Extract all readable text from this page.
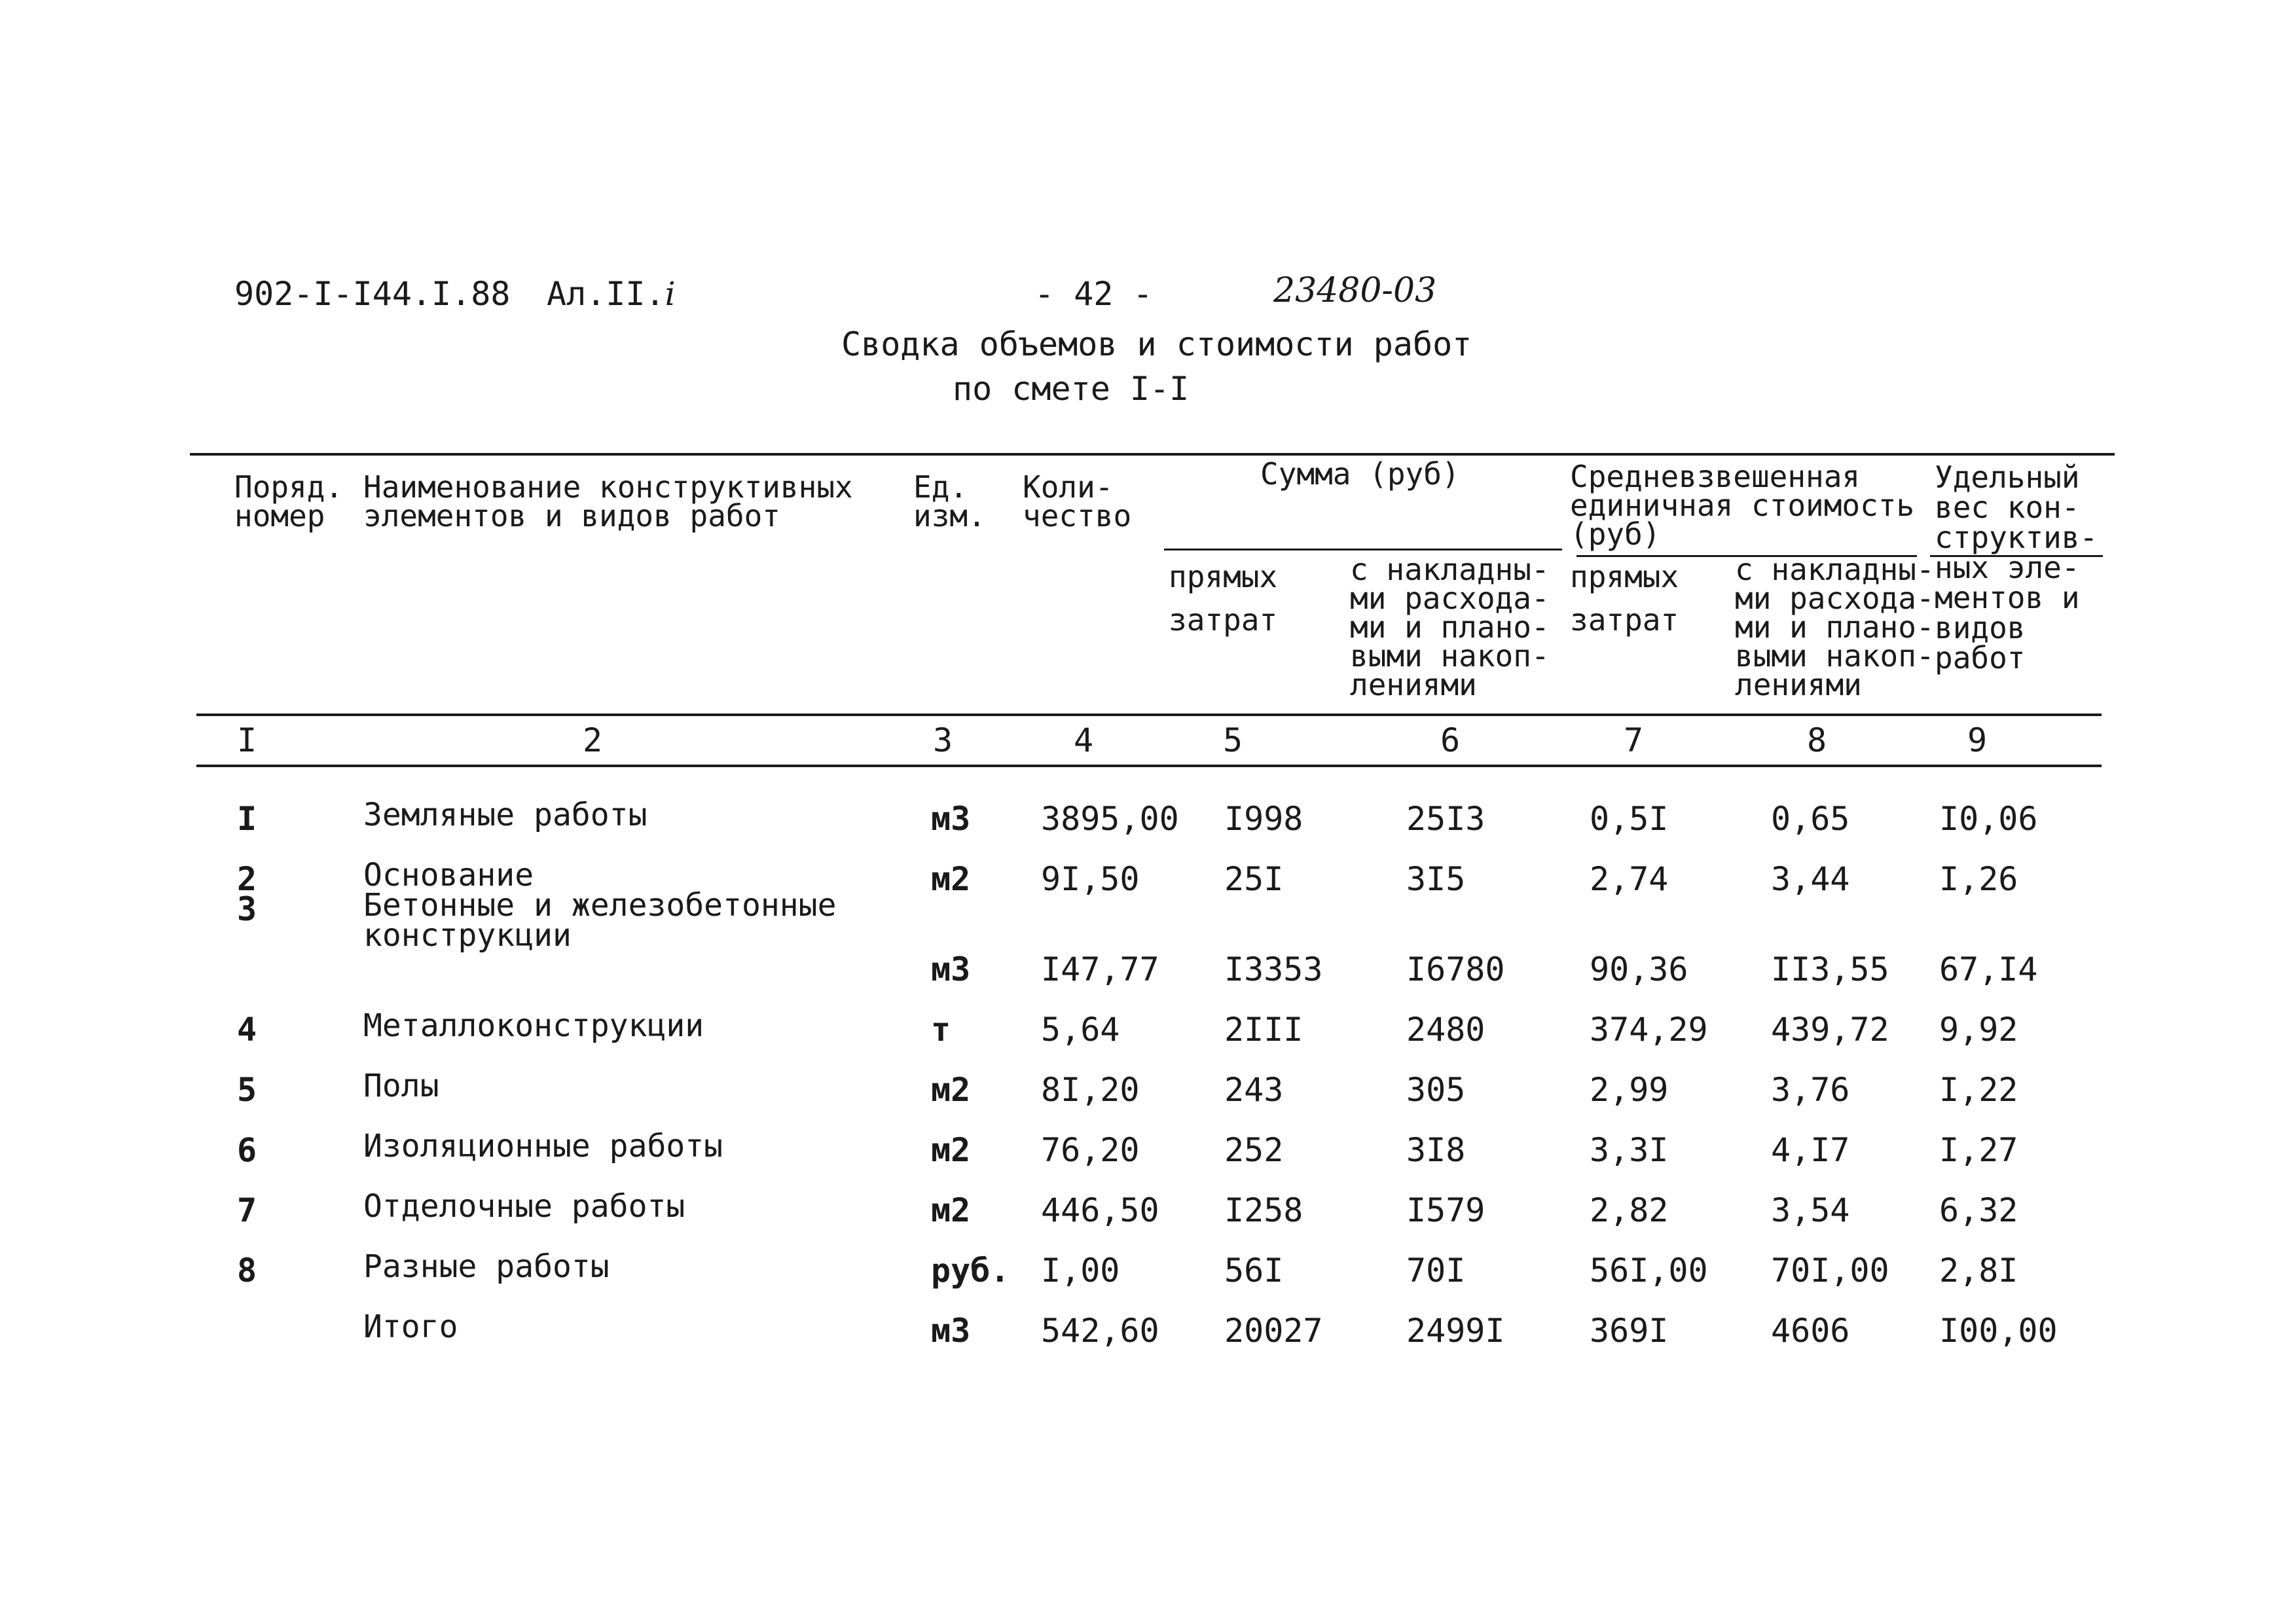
902-I-I44.I.88 Ал.II.i	- 42 -	23480-03
Сводка объемов и стоимости работ
по смете I-I
Поряд.
номер
Наименование конструктивных
элементов и видов работ
Ед.
изм.
Коли-
чество
Сумма (руб)
прямых
затрат
с накладны-
ми расхода-
ми и плано-
выми накоп-
лениями
Средневзвешенная
единичная стоимость
(руб)
прямых
затрат
с накладны-
ми расхода-
ми и плано-
выми накоп-
лениями
Удельный
вес кон-
структив-
ных эле-
ментов и
видов
работ
I	2	3	4	5	6	7	8	9
I	Земляные работы	м3 3895,00 I998	25I3	0,5I	0,65	I0,06
2	Основание	м2 9I,50	25I	3I5	2,74	3,44	I,26
3	Бетонные и железобетонные
конструкции
м3 I47,77 I3353	I6780	90,36	II3,55 67,I4
4	Металлоконструкции	т	5,64	2III	2480	374,29 439,72 9,92
5	Полы	м2 8I,20	243	305	2,99	3,76	I,22
6	Изоляционные работы	м2 76,20	252	3I8	3,3I	4,I7	I,27
7	Отделочные работы	м2 446,50 I258	I579	2,82	3,54	6,32
8	Разные работы	руб. I,00	56I	70I	56I,00 70I,00 2,8I
Итого	м3 542,60 20027	2499I	369I	4606	I00,00
